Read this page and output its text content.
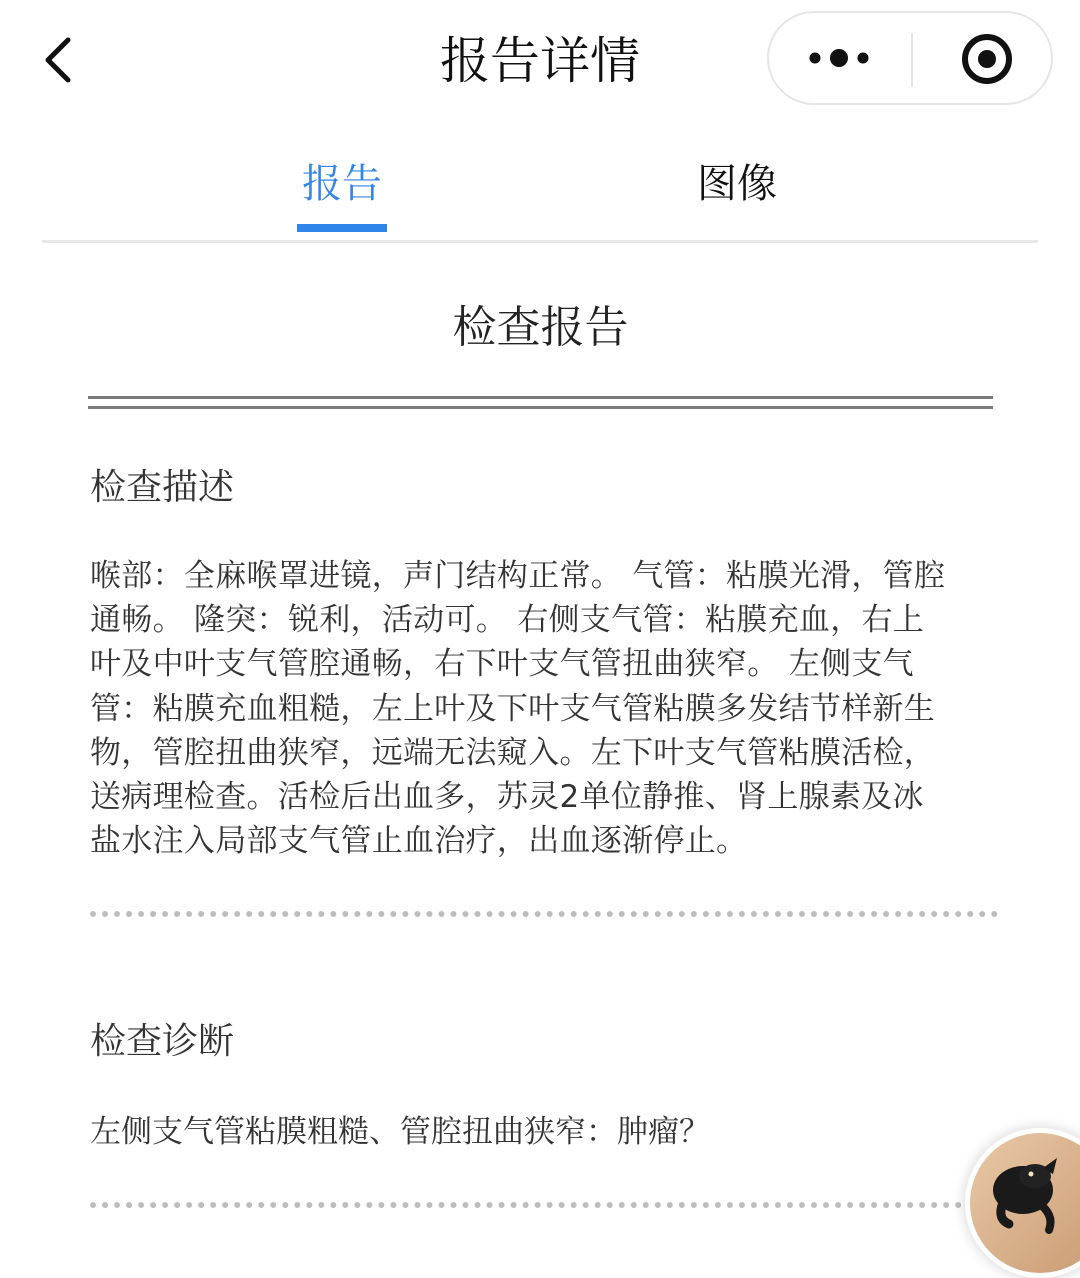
报告详情
报告	图像
检查报告
检查描述
喉部：全麻喉罩进镜，声门结构正常。 气管：粘膜光滑，管腔
通畅。 隆突：锐利，活动可。 右侧支气管：粘膜充血，右上
叶及中叶支气管腔通畅，右下叶支气管扭曲狭窄。 左侧支气
管：粘膜充血粗糙，左上叶及下叶支气管粘膜多发结节样新生
物，管腔扭曲狭窄，远端无法窥入。左下叶支气管粘膜活检，
送病理检查。活检后出血多，苏灵2单位静推、肾上腺素及冰
盐水注入局部支气管止血治疗，出血逐渐停止。
检查诊断
左侧支气管粘膜粗糙、管腔扭曲狭窄：肿瘤？
